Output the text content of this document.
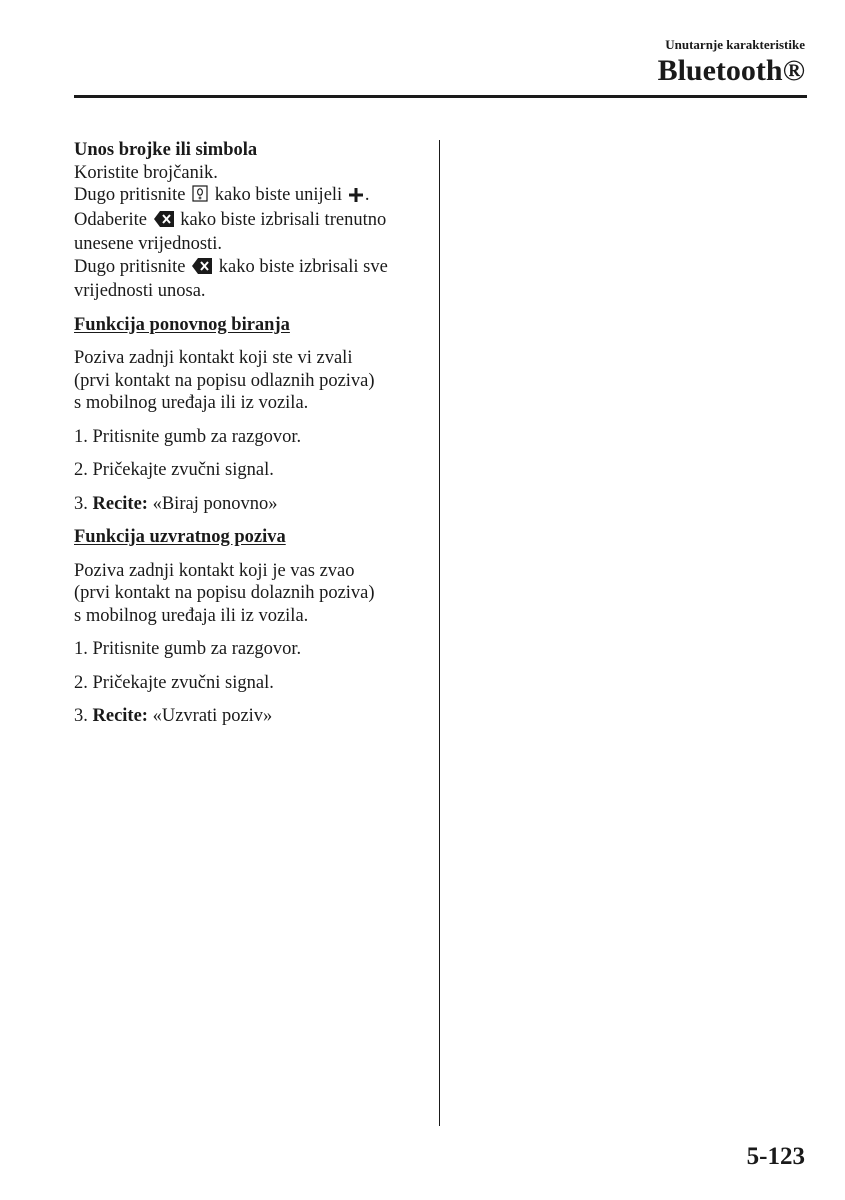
Unutarnje karakteristike
Bluetooth®

Unos brojke ili simbola

Koristite brojčanik.

Dugo pritisnite kako biste unijeli .

Odaberite kako biste izbrisali trenutno

unesene vrijednosti.

Dugo pritisnite kako biste izbrisali sve

vrijednosti unosa.

Funkcija ponovnog biranja

Poziva zadnji kontakt koji ste vi zvali
(prvi kontakt na popisu odlaznih poziva)
s mobilnog uređaja ili iz vozila.

1. Pritisnite gumb za razgovor.

2. Pričekajte zvučni signal.

3. Recite: «Biraj ponovno»

Funkcija uzvratnog poziva

Poziva zadnji kontakt koji je vas zvao
(prvi kontakt na popisu dolaznih poziva)
s mobilnog uređaja ili iz vozila.

1. Pritisnite gumb za razgovor.

2. Pričekajte zvučni signal.

3. Recite: «Uzvrati poziv»

5-123
